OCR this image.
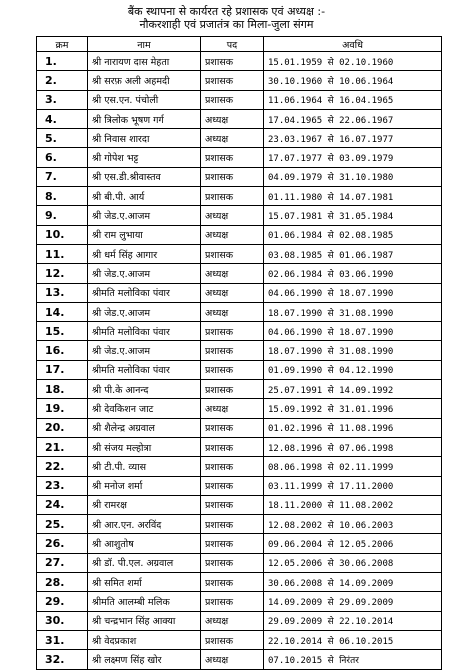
बैंक स्थापना से कार्यरत रहे प्रशासक एवं अध्यक्ष :-
नौकरशाही एवं प्रजातंत्र का मिला-जुला संगम
क्रम	नाम	पद	अवधि
1.	श्री नारायण दास मेहता	प्रशासक	15.01.1959 से 02.10.1960
2.	श्री सरफ़ अली अहमदी	प्रशासक	30.10.1960 से 10.06.1964
3.	श्री एस.एन. पंचोली	प्रशासक	11.06.1964 से 16.04.1965
4.	श्री त्रिलोक भूषण गर्ग	अध्यक्ष	17.04.1965 से 22.06.1967
5.	श्री निवास शारदा	अध्यक्ष	23.03.1967 से 16.07.1977
6.	श्री गोपेश भट्ट	प्रशासक	17.07.1977 से 03.09.1979
7.	श्री एस.डी.श्रीवास्तव	प्रशासक	04.09.1979 से 31.10.1980
8.	श्री बी.पी. आर्य	प्रशासक	01.11.1980 से 14.07.1981
9.	श्री जेड.ए.आजम	अध्यक्ष	15.07.1981 से 31.05.1984
10.	श्री राम लुभाया	अध्यक्ष	01.06.1984 से 02.08.1985
11.	श्री धर्म सिंह आगार	प्रशासक	03.08.1985 से 01.06.1987
12.	श्री जेड.ए.आजम	अध्यक्ष	02.06.1984 से 03.06.1990
13.	श्रीमति मलोविका पंवार	अध्यक्ष	04.06.1990 से 18.07.1990
14.	श्री जेड.ए.आजम	अध्यक्ष	18.07.1990 से 31.08.1990
15.	श्रीमति मलोविका पंवार	प्रशासक	04.06.1990 से 18.07.1990
16.	श्री जेड.ए.आजम	प्रशासक	18.07.1990 से 31.08.1990
17.	श्रीमति मलोविका पंवार	प्रशासक	01.09.1990 से 04.12.1990
18.	श्री पी.के आनन्द	प्रशासक	25.07.1991 से 14.09.1992
19.	श्री देवकिशन जाट	अध्यक्ष	15.09.1992 से 31.01.1996
20.	श्री शैलेन्द्र अग्रवाल	प्रशासक	01.02.1996 से 11.08.1996
21.	श्री संजय मल्होत्रा	प्रशासक	12.08.1996 से 07.06.1998
22.	श्री टी.पी. व्यास	प्रशासक	08.06.1998 से 02.11.1999
23.	श्री मनोज शर्मा	प्रशासक	03.11.1999 से 17.11.2000
24.	श्री रामरक्ष	प्रशासक	18.11.2000 से 11.08.2002
25.	श्री आर.एन. अरविंद	प्रशासक	12.08.2002 से 10.06.2003
26.	श्री आशुतोष	प्रशासक	09.06.2004 से 12.05.2006
27.	श्री डॉ. पी.एल. अग्रवाल	प्रशासक	12.05.2006 से 30.06.2008
28.	श्री समित शर्मा	प्रशासक	30.06.2008 से 14.09.2009
29.	श्रीमति आलम्बी मलिक	प्रशासक	14.09.2009 से 29.09.2009
30.	श्री चन्द्रभान सिंह आक्या	अध्यक्ष	29.09.2009 से 22.10.2014
31.	श्री वेदप्रकाश	प्रशासक	22.10.2014 से 06.10.2015
32.	श्री लक्ष्मण सिंह खोर	अध्यक्ष	07.10.2015 से निरंतर
